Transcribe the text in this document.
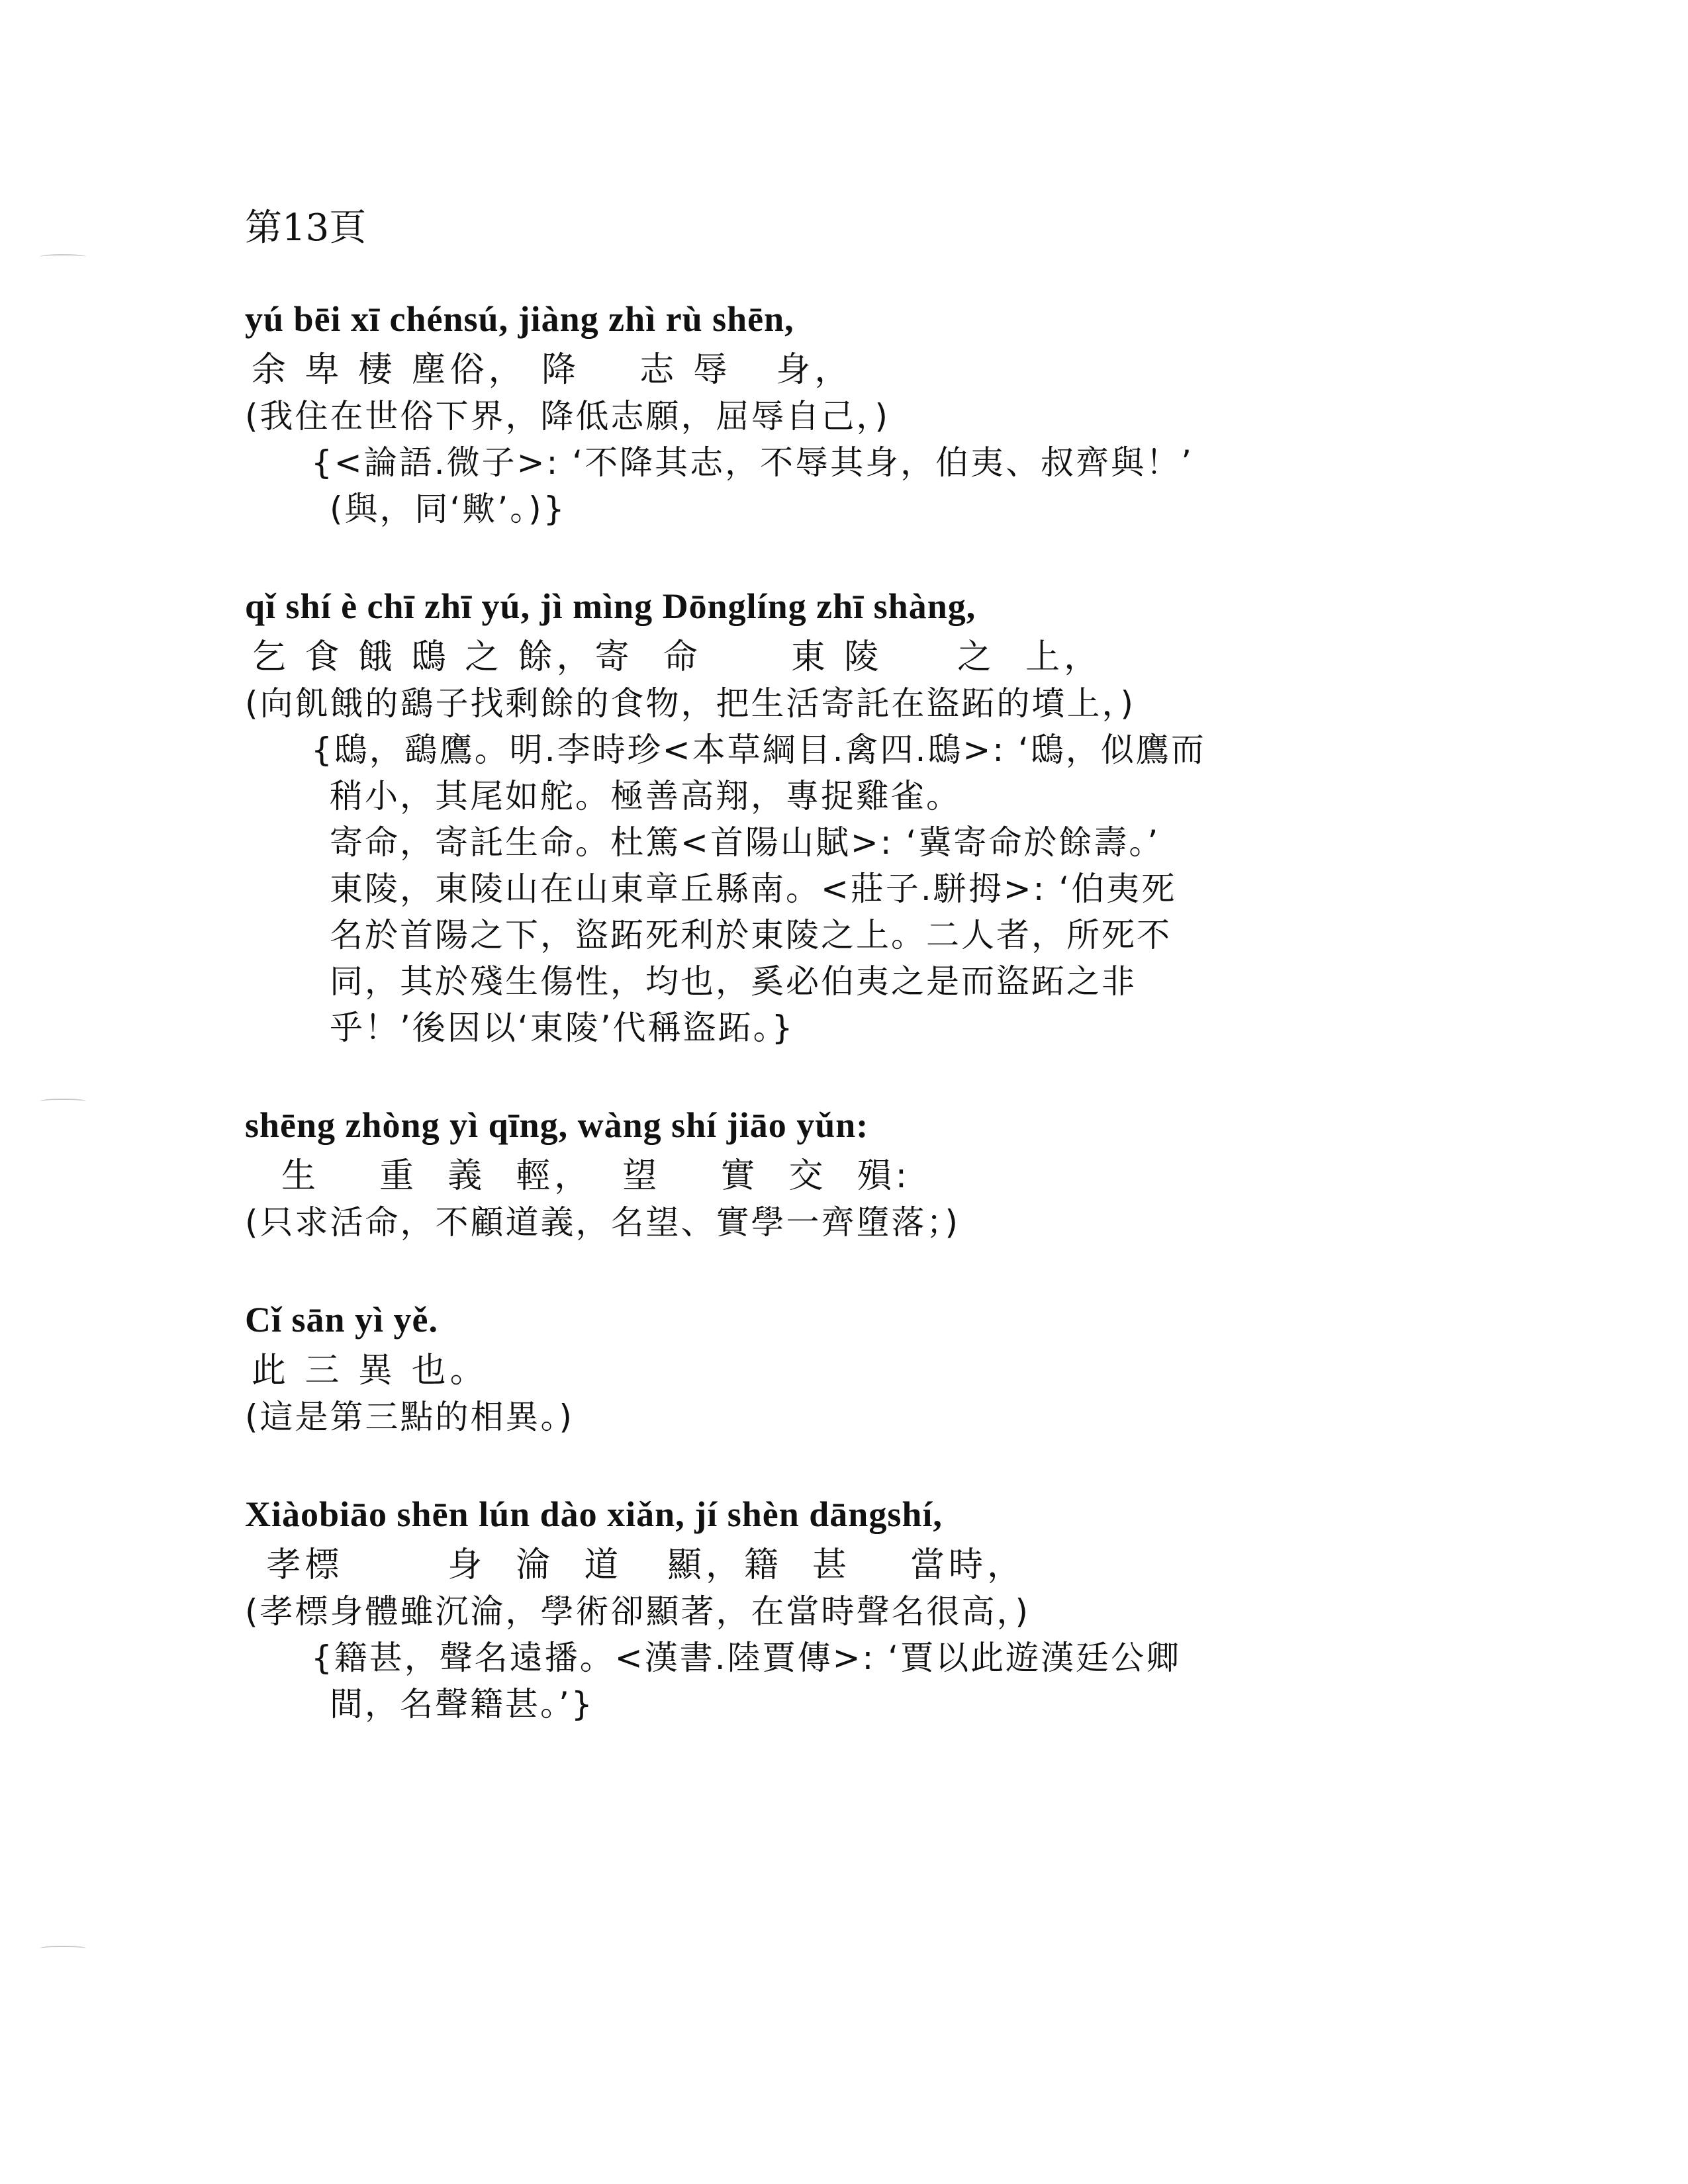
第13頁
yú bēi xī chénsú, jiàng zhì rù shēn,
余 卑 棲 塵俗， 降    志 辱   身，
(我住在世俗下界，降低志願，屈辱自己，)
{<論語.微子>: ‘不降其志，不辱其身，伯夷、叔齊與！’
(與，同‘歟’。)}
qǐ shí è chī zhī yú, jì mìng Dōnglíng zhī shàng,
乞 食 餓 鴟 之 餘，寄  命      東 陵     之  上，
(向飢餓的鷂子找剩餘的食物，把生活寄託在盜跖的墳上，)
{鴟，鷂鷹。明.李時珍<本草綱目.禽四.鴟>: ‘鴟，似鷹而
稍小，其尾如舵。極善高翔，專捉雞雀。
寄命，寄託生命。杜篤<首陽山賦>: ‘冀寄命於餘壽。’
東陵，東陵山在山東章丘縣南。<莊子.駢拇>: ‘伯夷死
名於首陽之下，盜跖死利於東陵之上。二人者，所死不
同，其於殘生傷性，均也，奚必伯夷之是而盜跖之非
乎！’後因以‘東陵’代稱盜跖。}
shēng zhòng yì qīng, wàng shí jiāo yǔn:
生    重  義  輕，  望    實  交  殞:
(只求活命，不顧道義，名望、實學一齊墮落；)
Cǐ sān yì yě.
此 三 異 也。
(這是第三點的相異。)
Xiàobiāo shēn lún dào xiǎn, jí shèn dāngshí,
孝標       身  淪  道   顯，籍  甚    當時，
(孝標身體雖沉淪，學術卻顯著，在當時聲名很高，)
{籍甚，聲名遠播。<漢書.陸賈傳>: ‘賈以此遊漢廷公卿
間，名聲籍甚。’}
